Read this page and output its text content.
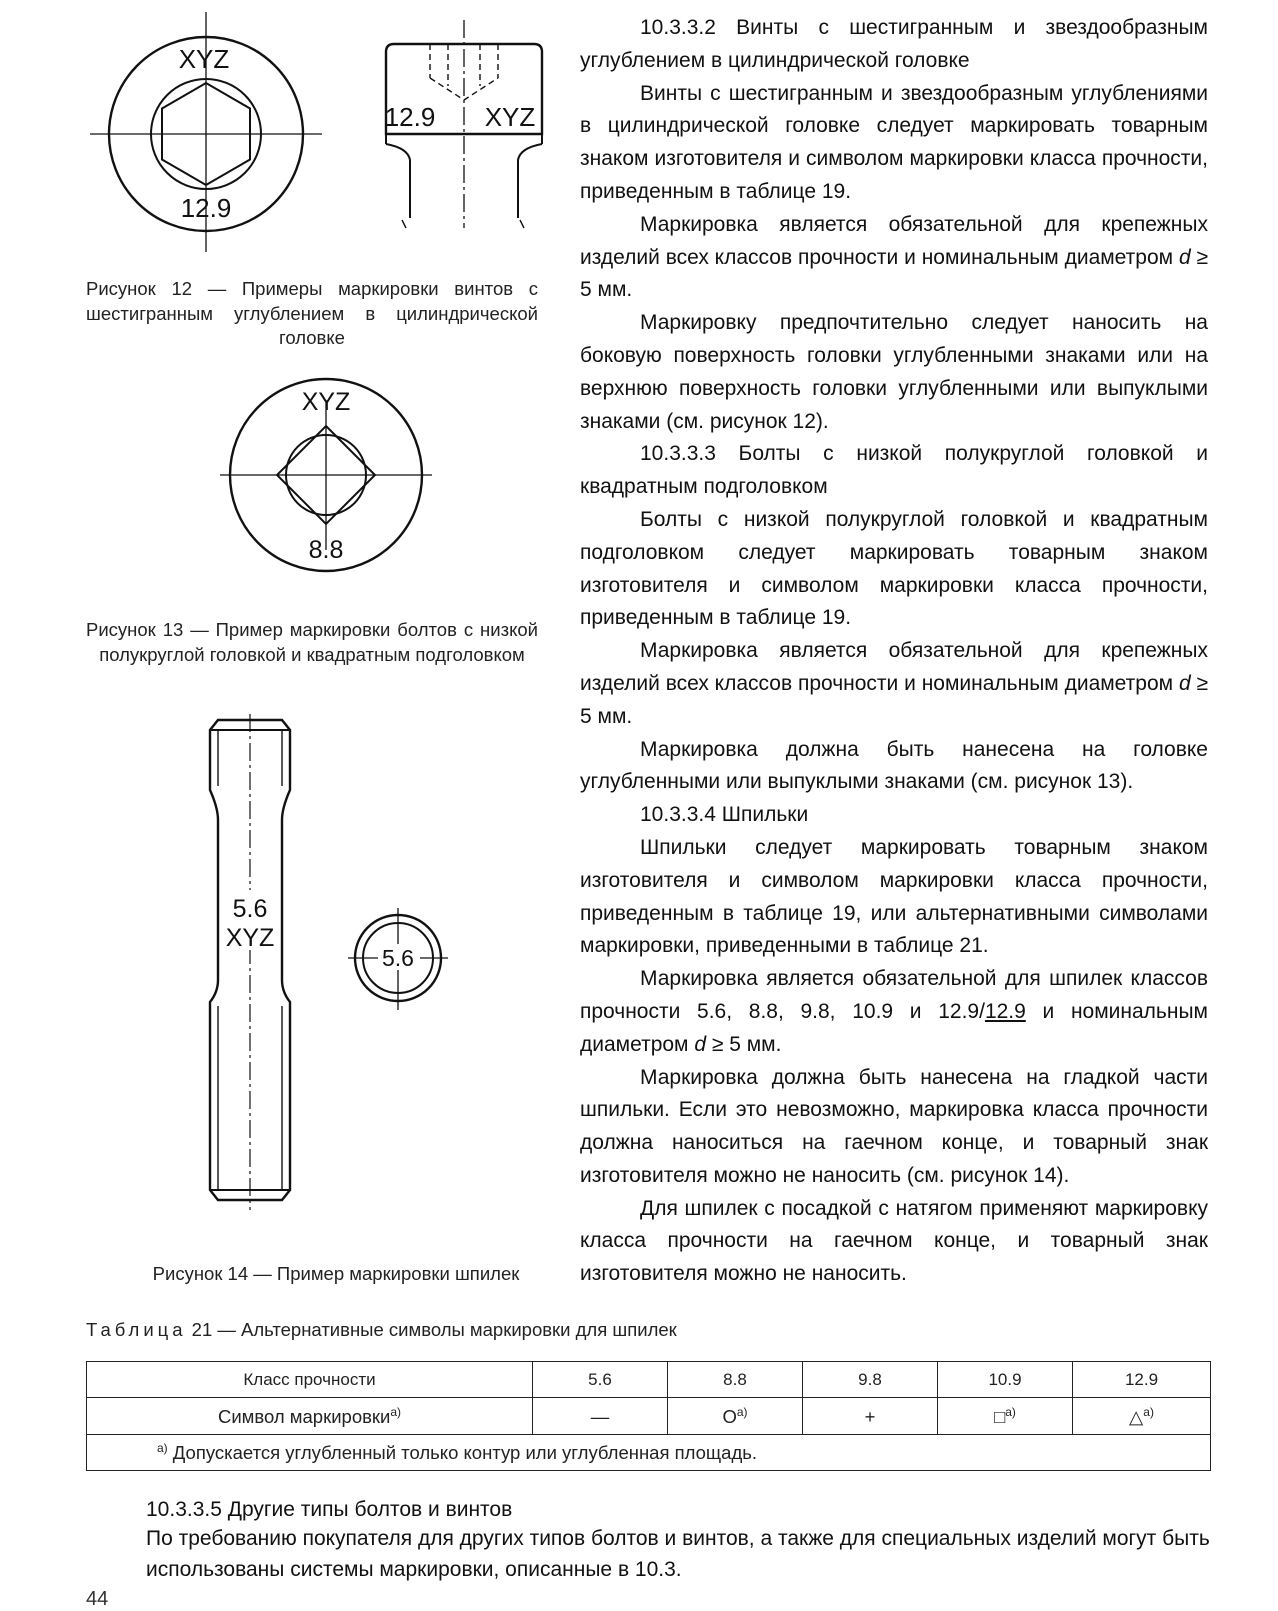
XYZ
12.9
12.9 XYZ
Рисунок 12 — Примеры маркировки винтов с шестигранным углублением в цилиндрической головке
XYZ
8.8
Рисунок 13 — Пример маркировки болтов с низкой полукруглой головкой и квадратным подголовком
5.6
XYZ
5.6
Рисунок 14 — Пример маркировки шпилек

10.3.3.2 Винты с шестигранным и звездообразным углублением в цилиндрической головке

Винты с шестигранным и звездообразным углублениями в цилиндрической головке следует маркировать товарным знаком изготовителя и символом маркировки класса прочности, приведенным в таблице 19.

Маркировка является обязательной для крепежных изделий всех классов прочности и номинальным диаметром d ≥ 5 мм.

Маркировку предпочтительно следует наносить на боковую поверхность головки углубленными знаками или на верхнюю поверхность головки углубленными или выпуклыми знаками (см. рисунок 12).

10.3.3.3 Болты с низкой полукруглой головкой и квадратным подголовком

Болты с низкой полукруглой головкой и квадратным подголовком следует маркировать товарным знаком изготовителя и символом маркировки класса прочности, приведенным в таблице 19.

Маркировка является обязательной для крепежных изделий всех классов прочности и номинальным диаметром d ≥ 5 мм.

Маркировка должна быть нанесена на головке углубленными или выпуклыми знаками (см. рисунок 13).

10.3.3.4 Шпильки

Шпильки следует маркировать товарным знаком изготовителя и символом маркировки класса прочности, приведенным в таблице 19, или альтернативными символами маркировки, приведенными в таблице 21.

Маркировка является обязательной для шпилек классов прочности 5.6, 8.8, 9.8, 10.9 и 12.9/12.9 и номинальным диаметром d ≥ 5 мм.

Маркировка должна быть нанесена на гладкой части шпильки. Если это невозможно, маркировка класса прочности должна наноситься на гаечном конце, и товарный знак изготовителя можно не наносить (см. рисунок 14).

Для шпилек с посадкой с натягом применяют маркировку класса прочности на гаечном конце, и товарный знак изготовителя можно не наносить.

Таблица 21 — Альтернативные символы маркировки для шпилек
Класс прочности	5.6	8.8	9.8	10.9	12.9
Символ маркировки$^{a)}$	—	$O^{a)}$	+	□$^{a)}$	△$^{a)}$
$^{a)}$ Допускается углубленный только контур или углубленная площадь.					
10.3.3.5 Другие типы болтов и винтов
По требованию покупателя для других типов болтов и винтов, а также для специальных изделий могут быть использованы системы маркировки, описанные в 10.3.
44
